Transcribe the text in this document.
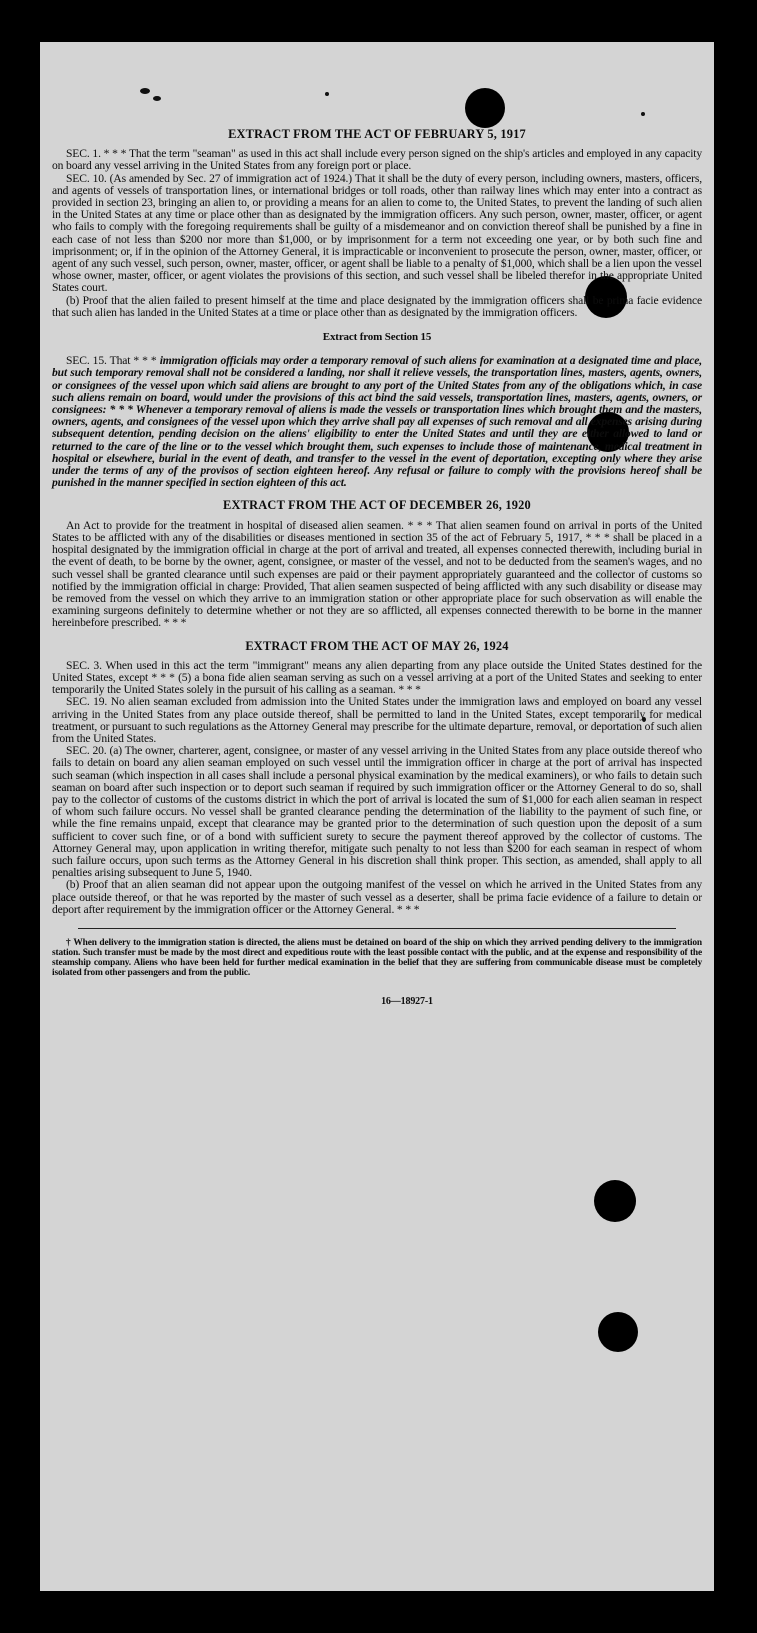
EXTRACT FROM THE ACT OF FEBRUARY 5, 1917

SEC. 1. * * * That the term "seaman" as used in this act shall include every person signed on the ship's articles and employed in any capacity on board any vessel arriving in the United States from any foreign port or place.

SEC. 10. (As amended by Sec. 27 of immigration act of 1924.) That it shall be the duty of every person, including owners, masters, officers, and agents of vessels of transportation lines, or international bridges or toll roads, other than railway lines which may enter into a contract as provided in section 23, bringing an alien to, or providing a means for an alien to come to, the United States, to prevent the landing of such alien in the United States at any time or place other than as designated by the immigration officers. Any such person, owner, master, officer, or agent who fails to comply with the foregoing requirements shall be guilty of a misdemeanor and on conviction thereof shall be punished by a fine in each case of not less than $200 nor more than $1,000, or by imprisonment for a term not exceeding one year, or by both such fine and imprisonment; or, if in the opinion of the Attorney General, it is impracticable or inconvenient to prosecute the person, owner, master, officer, or agent of any such vessel, such person, owner, master, officer, or agent shall be liable to a penalty of $1,000, which shall be a lien upon the vessel whose owner, master, officer, or agent violates the provisions of this section, and such vessel shall be libeled therefor in the appropriate United States court.

(b) Proof that the alien failed to present himself at the time and place designated by the immigration officers shall be prima facie evidence that such alien has landed in the United States at a time or place other than as designated by the immigration officers.

Extract from Section 15

SEC. 15. That * * * immigration officials may order a temporary removal of such aliens for examination at a designated time and place, but such temporary removal shall not be considered a landing, nor shall it relieve vessels, the transportation lines, masters, agents, owners, or consignees of the vessel upon which said aliens are brought to any port of the United States from any of the obligations which, in case such aliens remain on board, would under the provisions of this act bind the said vessels, transportation lines, masters, agents, owners, or consignees: * * * Whenever a temporary removal of aliens is made the vessels or transportation lines which brought them and the masters, owners, agents, and consignees of the vessel upon which they arrive shall pay all expenses of such removal and all expenses arising during subsequent detention, pending decision on the aliens' eligibility to enter the United States and until they are either allowed to land or returned to the care of the line or to the vessel which brought them, such expenses to include those of maintenance, medical treatment in hospital or elsewhere, burial in the event of death, and transfer to the vessel in the event of deportation, excepting only where they arise under the terms of any of the provisos of section eighteen hereof. Any refusal or failure to comply with the provisions hereof shall be punished in the manner specified in section eighteen of this act.

EXTRACT FROM THE ACT OF DECEMBER 26, 1920

An Act to provide for the treatment in hospital of diseased alien seamen. * * * That alien seamen found on arrival in ports of the United States to be afflicted with any of the disabilities or diseases mentioned in section 35 of the act of February 5, 1917, * * * shall be placed in a hospital designated by the immigration official in charge at the port of arrival and treated, all expenses connected therewith, including burial in the event of death, to be borne by the owner, agent, consignee, or master of the vessel, and not to be deducted from the seamen's wages, and no such vessel shall be granted clearance until such expenses are paid or their payment appropriately guaranteed and the collector of customs so notified by the immigration official in charge: Provided, That alien seamen suspected of being afflicted with any such disability or disease may be removed from the vessel on which they arrive to an immigration station or other appropriate place for such observation as will enable the examining surgeons definitely to determine whether or not they are so afflicted, all expenses connected therewith to be borne in the manner hereinbefore prescribed. * * *

EXTRACT FROM THE ACT OF MAY 26, 1924

SEC. 3. When used in this act the term "immigrant" means any alien departing from any place outside the United States destined for the United States, except * * * (5) a bona fide alien seaman serving as such on a vessel arriving at a port of the United States and seeking to enter temporarily the United States solely in the pursuit of his calling as a seaman. * * *

SEC. 19. No alien seaman excluded from admission into the United States under the immigration laws and employed on board any vessel arriving in the United States from any place outside thereof, shall be permitted to land in the United States, except temporarily for medical treatment, or pursuant to such regulations as the Attorney General may prescribe for the ultimate departure, removal, or deportation of such alien from the United States.

SEC. 20. (a) The owner, charterer, agent, consignee, or master of any vessel arriving in the United States from any place outside thereof who fails to detain on board any alien seaman employed on such vessel until the immigration officer in charge at the port of arrival has inspected such seaman (which inspection in all cases shall include a personal physical examination by the medical examiners), or who fails to detain such seaman on board after such inspection or to deport such seaman if required by such immigration officer or the Attorney General to do so, shall pay to the collector of customs of the customs district in which the port of arrival is located the sum of $1,000 for each alien seaman in respect of whom such failure occurs. No vessel shall be granted clearance pending the determination of the liability to the payment of such fine, or while the fine remains unpaid, except that clearance may be granted prior to the determination of such question upon the deposit of a sum sufficient to cover such fine, or of a bond with sufficient surety to secure the payment thereof approved by the collector of customs. The Attorney General may, upon application in writing therefor, mitigate such penalty to not less than $200 for each seaman in respect of whom such failure occurs, upon such terms as the Attorney General in his discretion shall think proper. This section, as amended, shall apply to all penalties arising subsequent to June 5, 1940.

(b) Proof that an alien seaman did not appear upon the outgoing manifest of the vessel on which he arrived in the United States from any place outside thereof, or that he was reported by the master of such vessel as a deserter, shall be prima facie evidence of a failure to detain or deport after requirement by the immigration officer or the Attorney General. * * *

† When delivery to the immigration station is directed, the aliens must be detained on board of the ship on which they arrived pending delivery to the immigration station. Such transfer must be made by the most direct and expeditious route with the least possible contact with the public, and at the expense and responsibility of the steamship company. Aliens who have been held for further medical examination in the belief that they are suffering from communicable disease must be completely isolated from other passengers and from the public.

16—18927-1
